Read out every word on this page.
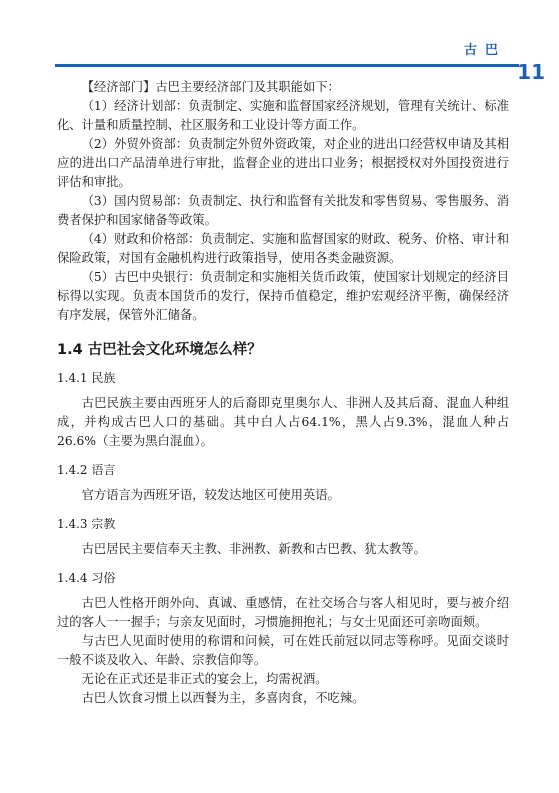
古巴
11

【经济部门】古巴主要经济部门及其职能如下：

（1）经济计划部：负责制定、实施和监督国家经济规划，管理有关统计、标准化、计量和质量控制、社区服务和工业设计等方面工作。

（2）外贸外资部：负责制定外贸外资政策，对企业的进出口经营权申请及其相应的进出口产品清单进行审批，监督企业的进出口业务；根据授权对外国投资进行评估和审批。

（3）国内贸易部：负责制定、执行和监督有关批发和零售贸易、零售服务、消费者保护和国家储备等政策。

（4）财政和价格部：负责制定、实施和监督国家的财政、税务、价格、审计和保险政策，对国有金融机构进行政策指导，使用各类金融资源。

（5）古巴中央银行：负责制定和实施相关货币政策，使国家计划规定的经济目标得以实现。负责本国货币的发行，保持币值稳定，维护宏观经济平衡，确保经济有序发展，保管外汇储备。

1.4 古巴社会文化环境怎么样？
1.4.1 民族

古巴民族主要由西班牙人的后裔即克里奥尔人、非洲人及其后裔、混血人种组成，并构成古巴人口的基础。其中白人占64.1%，黑人占9.3%，混血人种占26.6%（主要为黑白混血）。

1.4.2 语言

官方语言为西班牙语，较发达地区可使用英语。

1.4.3 宗教

古巴居民主要信奉天主教、非洲教、新教和古巴教、犹太教等。

1.4.4 习俗

古巴人性格开朗外向、真诚、重感情，在社交场合与客人相见时，要与被介绍过的客人一一握手；与亲友见面时，习惯施拥抱礼；与女士见面还可亲吻面颊。

与古巴人见面时使用的称谓和问候，可在姓氏前冠以同志等称呼。见面交谈时一般不谈及收入、年龄、宗教信仰等。

无论在正式还是非正式的宴会上，均需祝酒。

古巴人饮食习惯上以西餐为主，多喜肉食，不吃辣。
